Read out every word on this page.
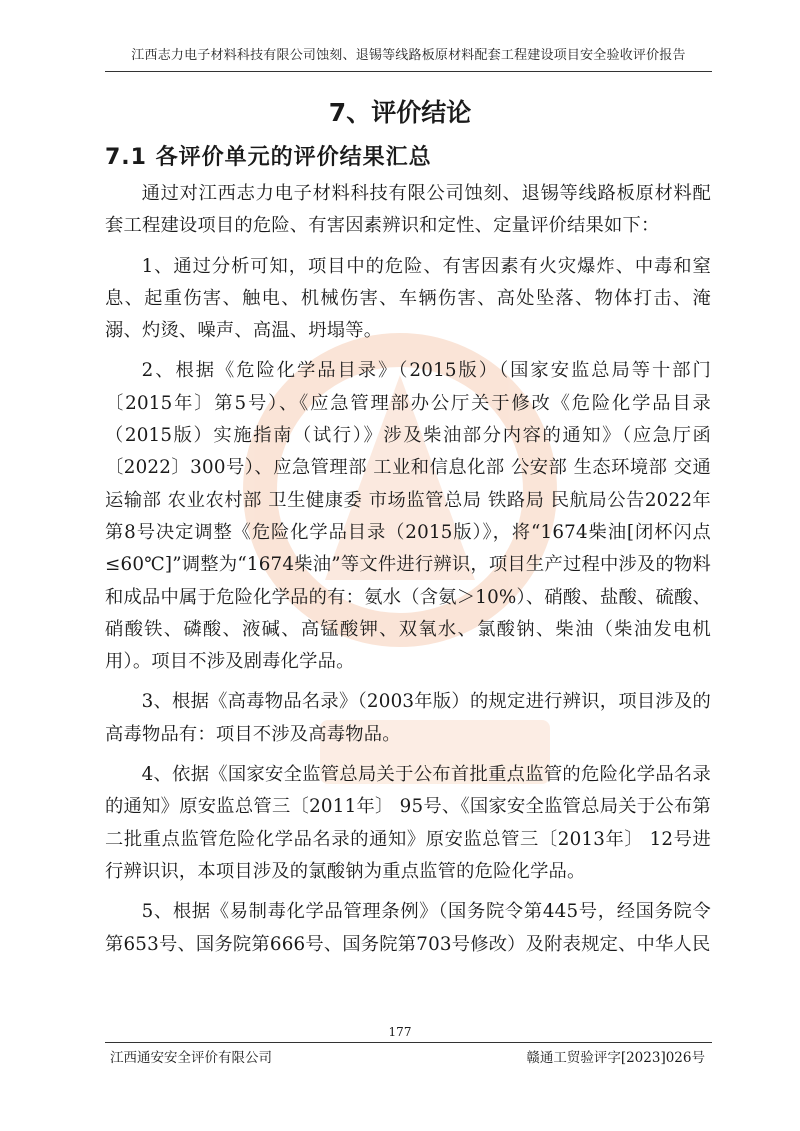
江西志力电子材料科技有限公司蚀刻、退锡等线路板原材料配套工程建设项目安全验收评价报告
7、评价结论
7.1 各评价单元的评价结果汇总

通过对江西志力电子材料科技有限公司蚀刻、退锡等线路板原材料配套工程建设项目的危险、有害因素辨识和定性、定量评价结果如下：

1、通过分析可知，项目中的危险、有害因素有火灾爆炸、中毒和窒息、起重伤害、触电、机械伤害、车辆伤害、高处坠落、物体打击、淹溺、灼烫、噪声、高温、坍塌等。

2、根据《危险化学品目录》（2015版）（国家安监总局等十部门〔2015年〕第5号）、《应急管理部办公厅关于修改《危险化学品目录（2015版）实施指南（试行）》涉及柴油部分内容的通知》（应急厅函〔2022〕300号）、应急管理部 工业和信息化部 公安部 生态环境部 交通运输部 农业农村部 卫生健康委 市场监管总局 铁路局 民航局公告2022年第8号决定调整《危险化学品目录（2015版）》，将“1674柴油[闭杯闪点≤60℃]”调整为“1674柴油”等文件进行辨识，项目生产过程中涉及的物料和成品中属于危险化学品的有：氨水（含氨＞10%）、硝酸、盐酸、硫酸、硝酸铁、磷酸、液碱、高锰酸钾、双氧水、氯酸钠、柴油（柴油发电机用）。项目不涉及剧毒化学品。

3、根据《高毒物品名录》（2003年版）的规定进行辨识，项目涉及的高毒物品有：项目不涉及高毒物品。

4、依据《国家安全监管总局关于公布首批重点监管的危险化学品名录的通知》原安监总管三〔2011年〕 95号、《国家安全监管总局关于公布第二批重点监管危险化学品名录的通知》原安监总管三〔2013年〕 12号进行辨识识，本项目涉及的氯酸钠为重点监管的危险化学品。

5、根据《易制毒化学品管理条例》（国务院令第445号，经国务院令第653号、国务院第666号、国务院第703号修改）及附表规定、中华人民

177
江西通安安全评价有限公司	赣通工贸验评字[2023]026号
